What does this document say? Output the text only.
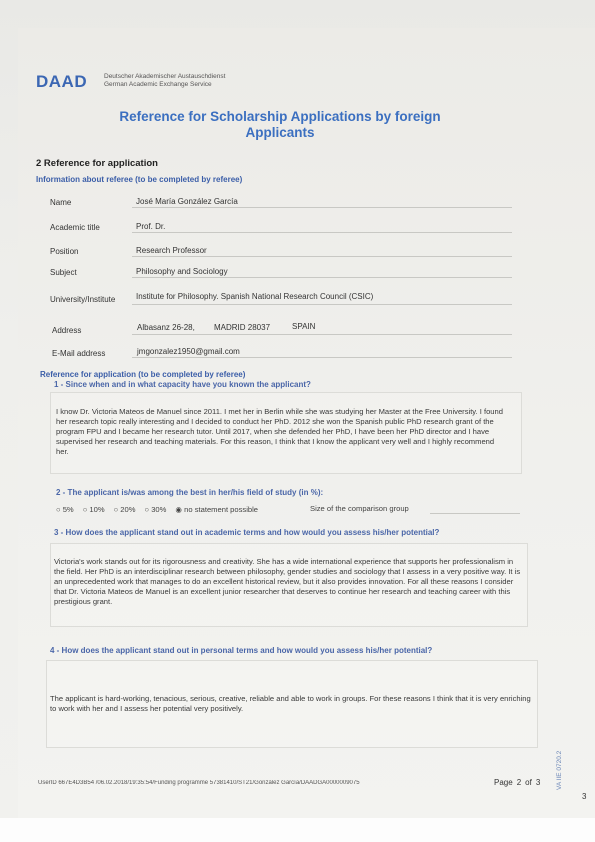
DAAD	Deutscher Akademischer Austauschdienst
German Academic Exchange Service
Reference for Scholarship Applications by foreign
Applicants
2 Reference for application
Information about referee (to be completed by referee)
Name	José María González García
Academic title	Prof. Dr.
Position	Research Professor
Subject	Philosophy and Sociology
University/Institute	Institute for Philosophy. Spanish National Research Council (CSIC)
Address	Albasanz 26-28, MADRID 28037	SPAIN
E-Mail address	jmgonzalez1950@gmail.com
Reference for application (to be completed by referee)
1 - Since when and in what capacity have you known the applicant?
I know Dr. Victoria Mateos de Manuel since 2011. I met her in Berlin while she was studying her Master at the Free University. I found her research topic really interesting and I decided to conduct her PhD. 2012 she won the Spanish public PhD research grant of the program FPU and I became her research tutor. Until 2017, when she defended her PhD, I have been her PhD director and I have supervised her research and teaching materials. For this reason, I think that I know the applicant very well and I highly recommend her.
2 - The applicant is/was among the best in her/his field of study (in %):
○ 5% ○ 10% ○ 20% ○ 30% ◉ no statement possible	Size of the comparison group
3 - How does the applicant stand out in academic terms and how would you assess his/her potential?
Victoria's work stands out for its rigorousness and creativity. She has a wide international experience that supports her professionalism in the field. Her PhD is an interdisciplinar research between philosophy, gender studies and sociology that I assess in a very positive way. It is an unprecedented work that manages to do an excellent historical review, but it also provides innovation. For all these reasons I consider that Dr. Victoria Mateos de Manuel is an excellent junior researcher that deserves to continue her research and teaching career with this prestigious grant.
4 - How does the applicant stand out in personal terms and how would you assess his/her potential?
The applicant is hard-working, tenacious, serious, creative, reliable and able to work in groups. For these reasons I think that it is very enriching to work with her and I assess her potential very positively.
UserID 667E4D3B54 /06.02.2018/19:35:54/Funding programme 57381410/ST21/González García/DAADGA0000009075	Page 2 of 3 VA IIE 0720.2
3
